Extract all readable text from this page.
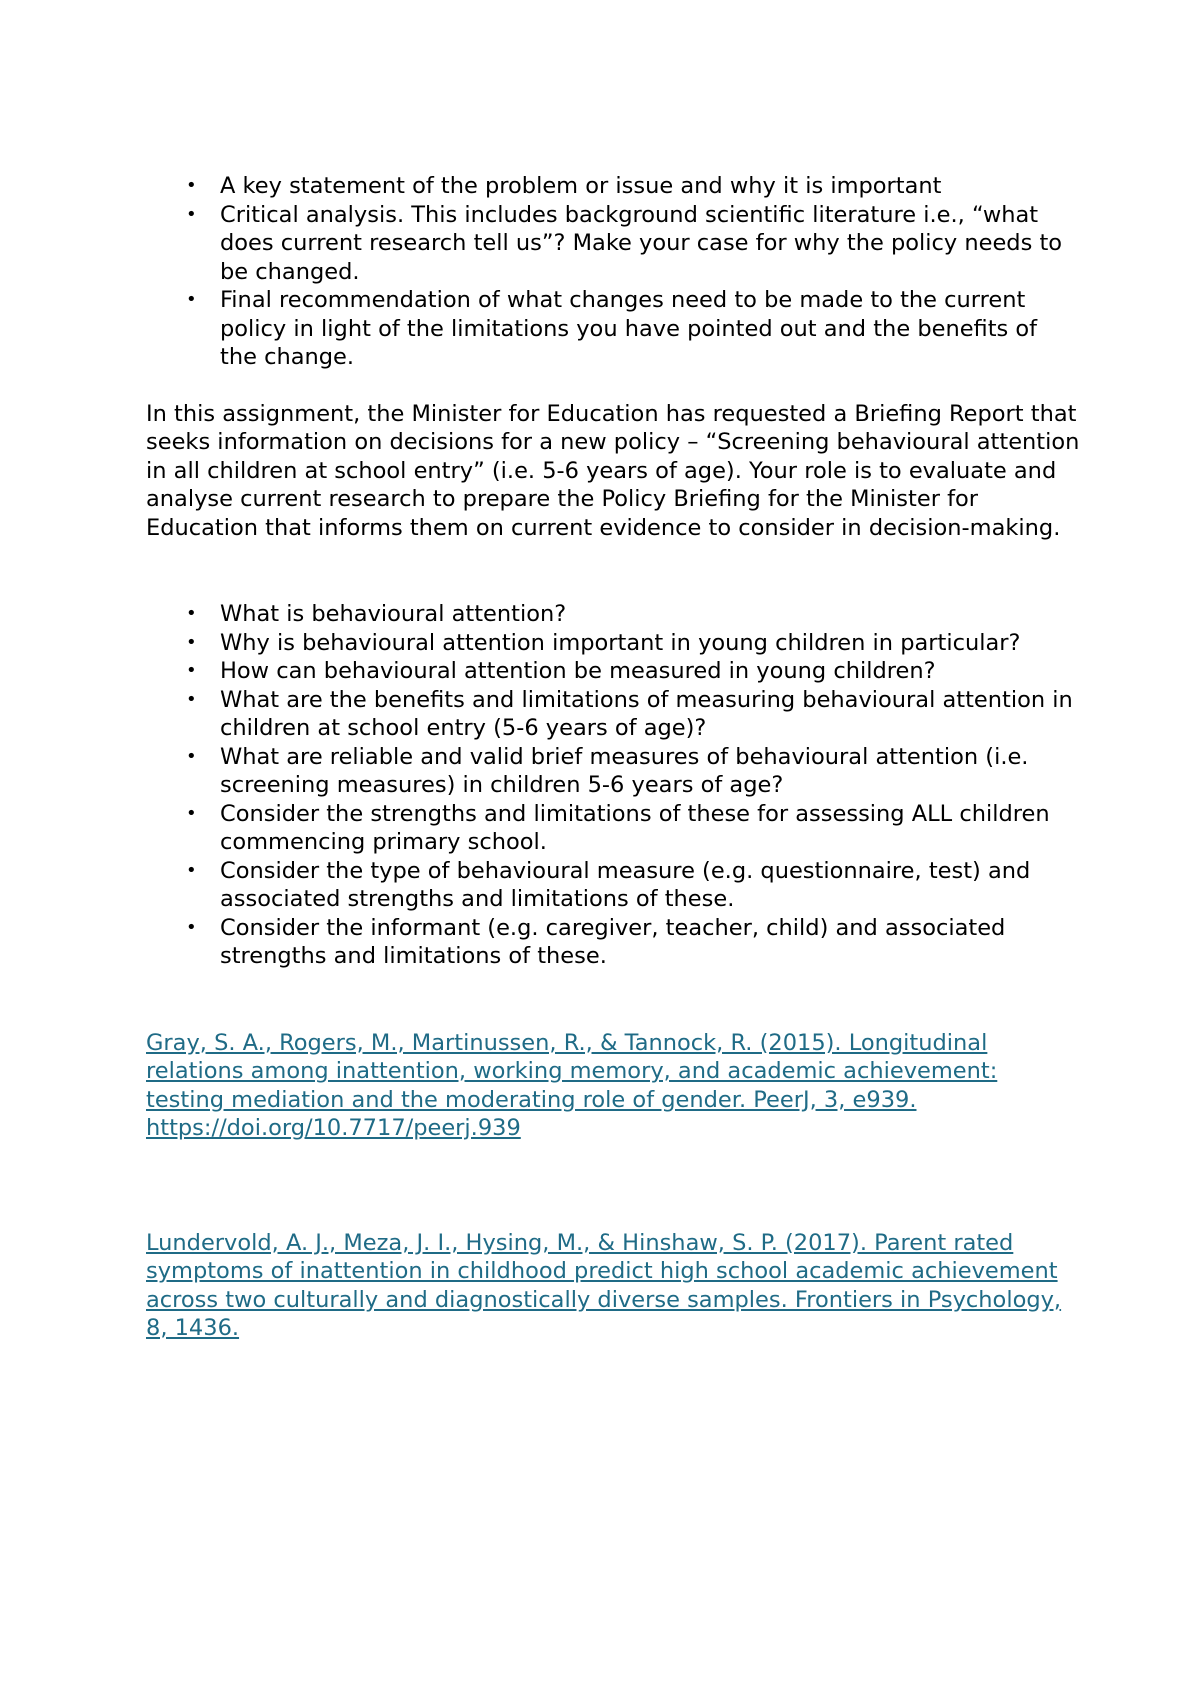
• A key statement of the problem or issue and why it is important
• Critical analysis. This includes background scientific literature i.e., “what does current research tell us”? Make your case for why the policy needs to be changed.
• Final recommendation of what changes need to be made to the current policy in light of the limitations you have pointed out and the benefits of the change.

In this assignment, the Minister for Education has requested a Briefing Report that seeks information on decisions for a new policy – “Screening behavioural attention in all children at school entry” (i.e. 5-6 years of age). Your role is to evaluate and analyse current research to prepare the Policy Briefing for the Minister for Education that informs them on current evidence to consider in decision-making.

• What is behavioural attention?
• Why is behavioural attention important in young children in particular?
• How can behavioural attention be measured in young children?
• What are the benefits and limitations of measuring behavioural attention in children at school entry (5-6 years of age)?
• What are reliable and valid brief measures of behavioural attention (i.e. screening measures) in children 5-6 years of age?
• Consider the strengths and limitations of these for assessing ALL children commencing primary school.
• Consider the type of behavioural measure (e.g. questionnaire, test) and associated strengths and limitations of these.
• Consider the informant (e.g. caregiver, teacher, child) and associated strengths and limitations of these.
Gray, S. A., Rogers, M., Martinussen, R., & Tannock, R. (2015). Longitudinal relations among inattention, working memory, and academic achievement: testing mediation and the moderating role of gender. PeerJ, 3, e939. https://doi.org/10.7717/peerj.939
Lundervold, A. J., Meza, J. I., Hysing, M., & Hinshaw, S. P. (2017). Parent rated symptoms of inattention in childhood predict high school academic achievement across two culturally and diagnostically diverse samples. Frontiers in Psychology, 8, 1436.
